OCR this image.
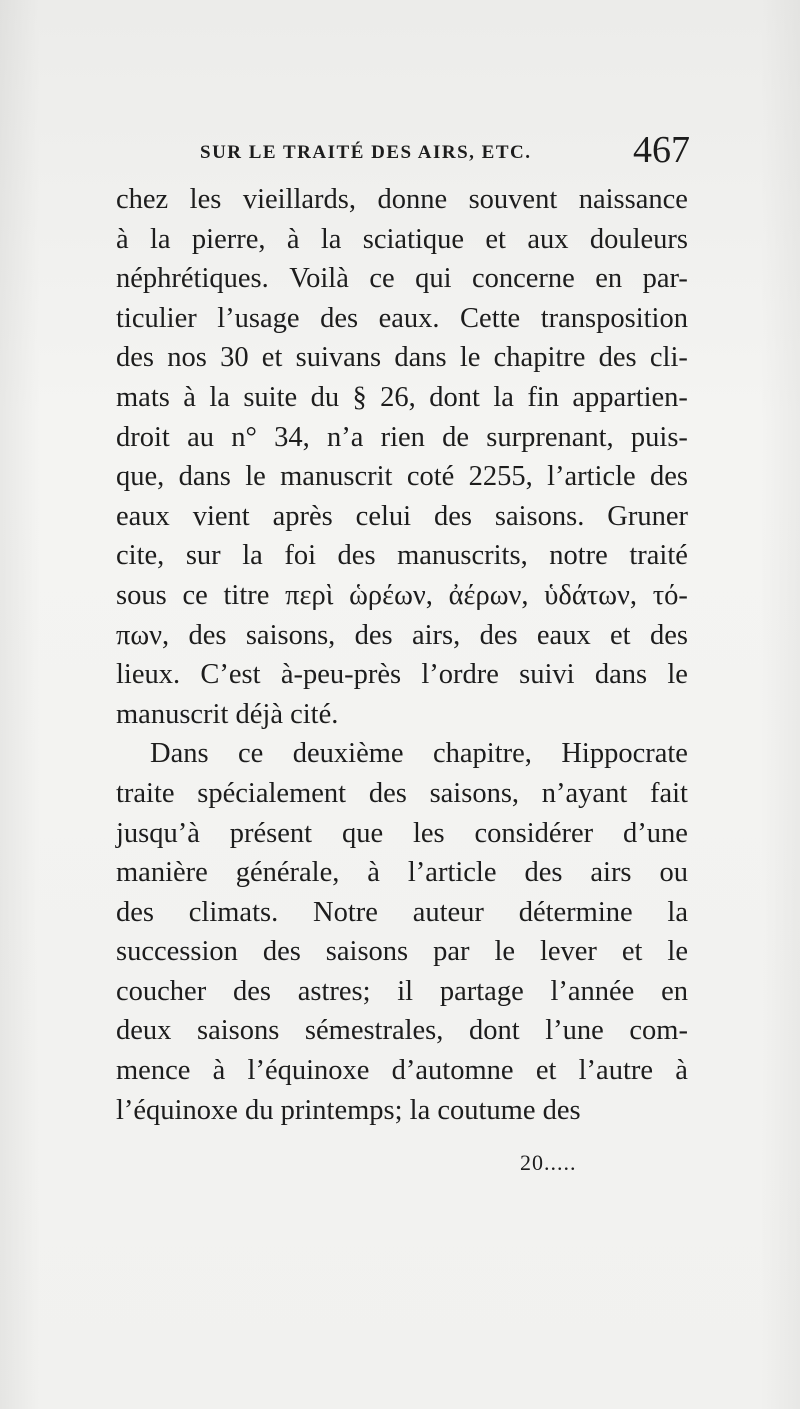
SUR LE TRAITÉ DES AIRS, ETC.	467
chez les vieillards, donne souvent naissance
à la pierre, à la sciatique et aux douleurs
néphrétiques. Voilà ce qui concerne en par-
ticulier l’usage des eaux. Cette transposition
des nos 30 et suivans dans le chapitre des cli-
mats à la suite du § 26, dont la fin appartien-
droit au n° 34, n’a rien de surprenant, puis-
que, dans le manuscrit coté 2255, l’article des
eaux vient après celui des saisons. Gruner
cite, sur la foi des manuscrits, notre traité
sous ce titre περὶ ὡρέων, ἀέρων, ὑδάτων, τό-
πων, des saisons, des airs, des eaux et des
lieux. C’est à-peu-près l’ordre suivi dans le
manuscrit déjà cité.
Dans ce deuxième chapitre, Hippocrate
traite spécialement des saisons, n’ayant fait
jusqu’à présent que les considérer d’une
manière générale, à l’article des airs ou
des climats. Notre auteur détermine la
succession des saisons par le lever et le
coucher des astres; il partage l’année en
deux saisons sémestrales, dont l’une com-
mence à l’équinoxe d’automne et l’autre à
l’équinoxe du printemps; la coutume des
20.....
